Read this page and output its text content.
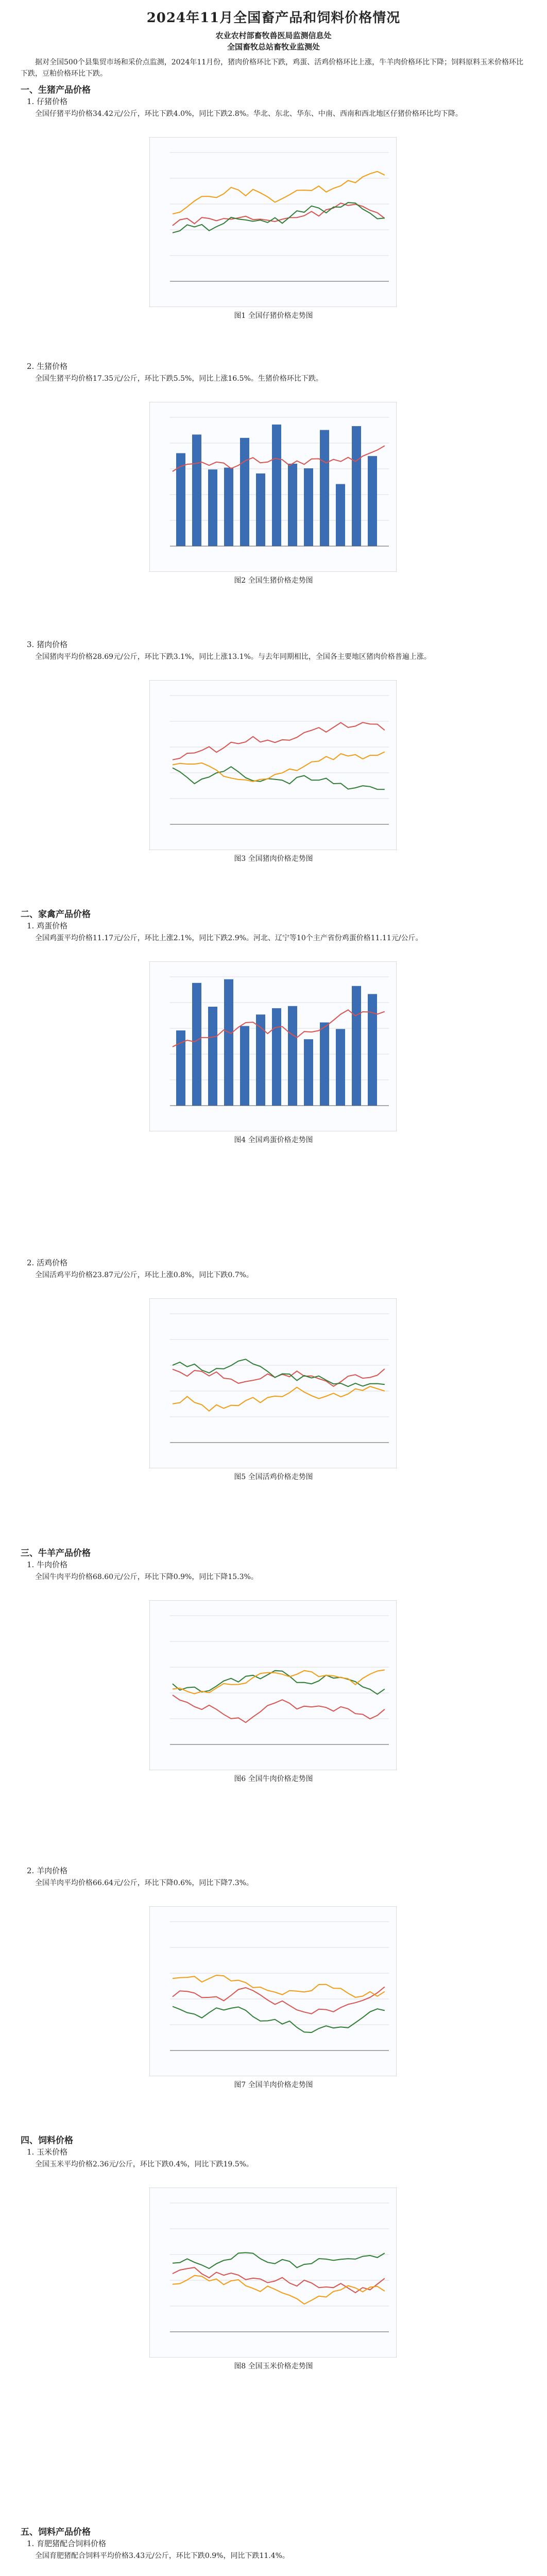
2024年11月全国畜产品和饲料价格情况
农业农村部畜牧兽医局监测信息处
全国畜牧总站畜牧业监测处

据对全国500个县集贸市场和采价点监测，2024年11月份，猪肉价格环比下跌，鸡蛋、活鸡价格环比上涨，牛羊肉价格环比下降；饲料原料玉米价格环比下跌，豆粕价格环比下跌。

一、生猪产品价格
1. 仔猪价格

全国仔猪平均价格34.42元/公斤，环比下跌4.0%，同比下跌2.8%。华北、东北、华东、中南、西南和西北地区仔猪价格环比均下降。

图1 全国仔猪价格走势图
2. 生猪价格

全国生猪平均价格17.35元/公斤，环比下跌5.5%，同比上涨16.5%。生猪价格环比下跌。

图2 全国生猪价格走势图
3. 猪肉价格

全国猪肉平均价格28.69元/公斤，环比下跌3.1%，同比上涨13.1%。与去年同期相比，全国各主要地区猪肉价格普遍上涨。

图3 全国猪肉价格走势图
二、家禽产品价格
1. 鸡蛋价格

全国鸡蛋平均价格11.17元/公斤，环比上涨2.1%，同比下跌2.9%。河北、辽宁等10个主产省份鸡蛋价格11.11元/公斤。

图4 全国鸡蛋价格走势图
2. 活鸡价格

全国活鸡平均价格23.87元/公斤，环比上涨0.8%，同比下跌0.7%。

图5 全国活鸡价格走势图
三、牛羊产品价格
1. 牛肉价格

全国牛肉平均价格68.60元/公斤，环比下降0.9%，同比下降15.3%。

图6 全国牛肉价格走势图
2. 羊肉价格

全国羊肉平均价格66.64元/公斤，环比下降0.6%，同比下降7.3%。

图7 全国羊肉价格走势图
四、饲料价格
1. 玉米价格

全国玉米平均价格2.36元/公斤，环比下跌0.4%，同比下跌19.5%。

图8 全国玉米价格走势图
五、饲料产品价格
1. 育肥猪配合饲料价格

全国育肥猪配合饲料平均价格3.43元/公斤，环比下跌0.9%，同比下跌11.4%。
